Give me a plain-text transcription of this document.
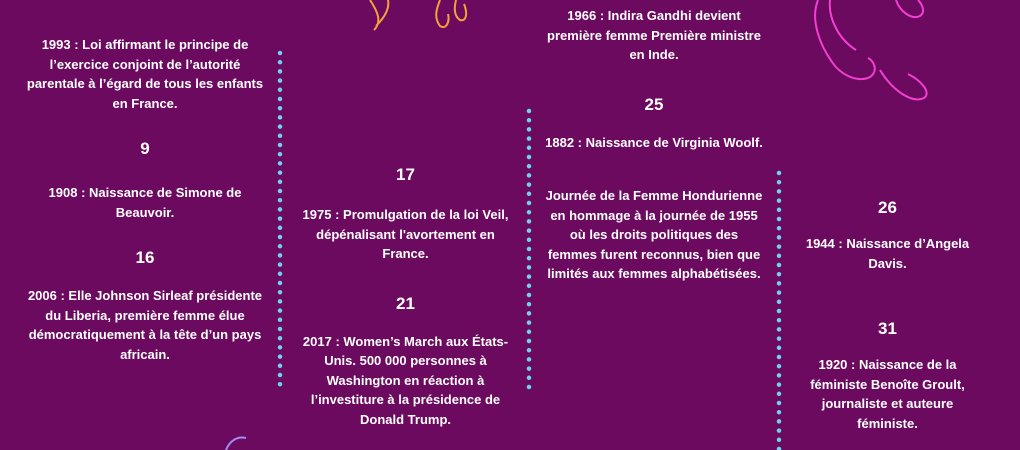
1993 : Loi affirmant le principe de l’exercice conjoint de l’autorité parentale à l’égard de tous les enfants en France.

9

1908 : Naissance de Simone de Beauvoir.

16

2006 : Elle Johnson Sirleaf présidente du Liberia, première femme élue démocratiquement à la tête d’un pays africain.

17

1975 : Promulgation de la loi Veil, dépénalisant l'avortement en France.

21

2017 : Women’s March aux États-Unis. 500 000 personnes à Washington en réaction à l’investiture à la présidence de Donald Trump.

1966 : Indira Gandhi devient première femme Première ministre en Inde.

25

1882 : Naissance de Virginia Woolf.

Journée de la Femme Hondurienne en hommage à la journée de 1955 où les droits politiques des femmes furent reconnus, bien que limités aux femmes alphabétisées.

26

1944 : Naissance d’Angela Davis.

31

1920 : Naissance de la féministe Benoîte Groult, journaliste et auteure féministe.
